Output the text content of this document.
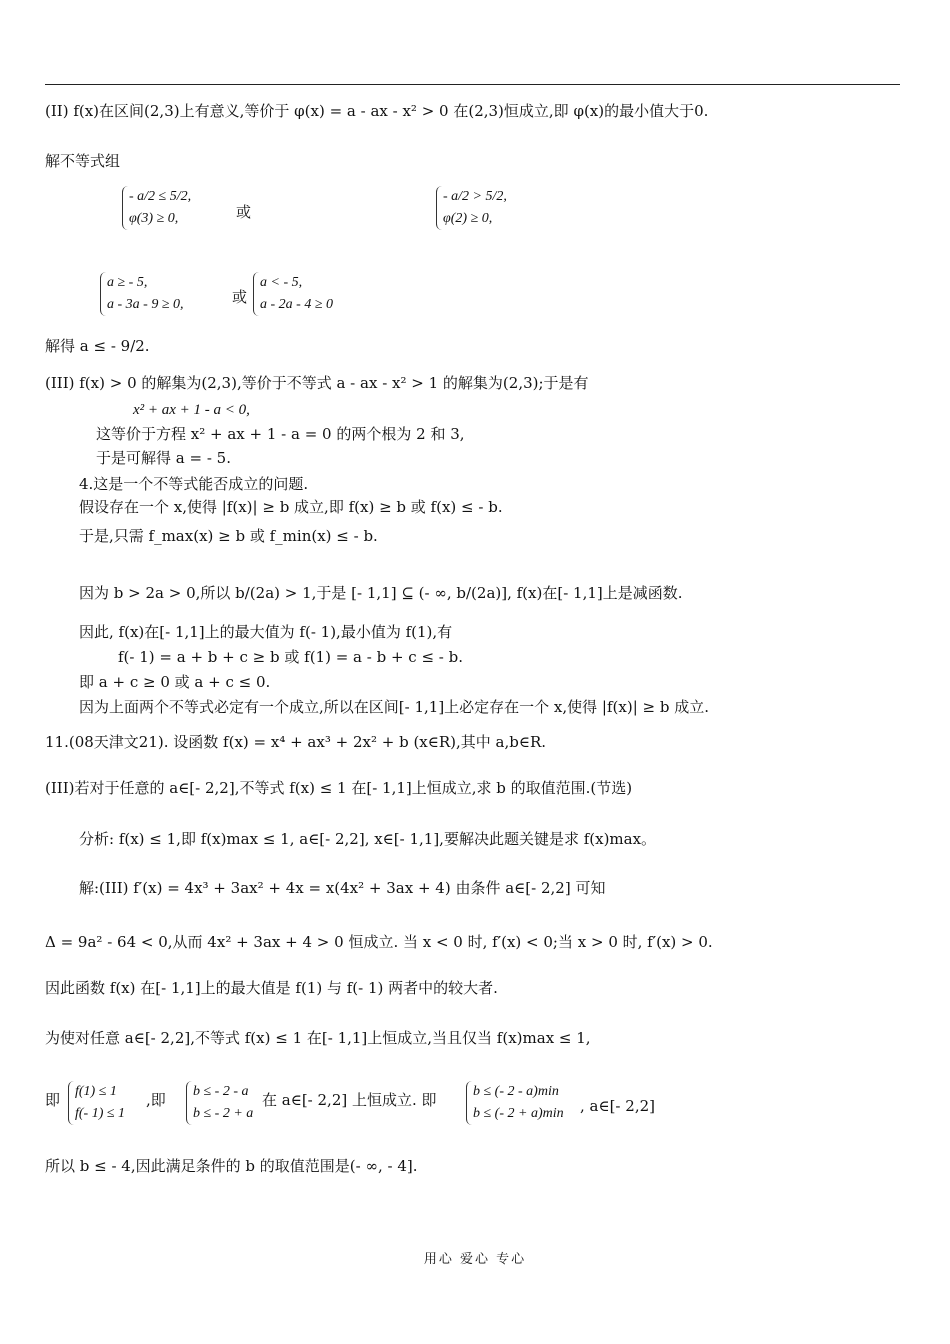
(II) f(x)在区间(2,3)上有意义,等价于 φ(x) = a - ax - x² > 0 在(2,3)恒成立,即 φ(x)的最小值大于0.
解不等式组
- a/2 ≤ 5/2,
φ(3) ≥ 0,	或
- a/2 > 5/2,
φ(2) ≥ 0,
a ≥ - 5,
a - 3a - 9 ≥ 0,	或
a < - 5,
a - 2a - 4 ≥ 0
解得 a ≤ - 9/2.
(III) f(x) > 0 的解集为(2,3),等价于不等式 a - ax - x² > 1 的解集为(2,3);于是有
x² + ax + 1 - a < 0,
这等价于方程 x² + ax + 1 - a = 0 的两个根为 2 和 3,
于是可解得 a = - 5.
4.这是一个不等式能否成立的问题.
假设存在一个 x,使得 |f(x)| ≥ b 成立,即 f(x) ≥ b 或 f(x) ≤ - b.
于是,只需 f_max(x) ≥ b 或 f_min(x) ≤ - b.
因为 b > 2a > 0,所以 b/(2a) > 1,于是 [- 1,1] ⊆ (- ∞, b/(2a)], f(x)在[- 1,1]上是减函数.
因此, f(x)在[- 1,1]上的最大值为 f(- 1),最小值为 f(1),有
f(- 1) = a + b + c ≥ b 或 f(1) = a - b + c ≤ - b.
即 a + c ≥ 0 或 a + c ≤ 0.
因为上面两个不等式必定有一个成立,所以在区间[- 1,1]上必定存在一个 x,使得 |f(x)| ≥ b 成立.
11.(08天津文21). 设函数 f(x) = x⁴ + ax³ + 2x² + b (x∈R),其中 a,b∈R.
(III)若对于任意的 a∈[- 2,2],不等式 f(x) ≤ 1 在[- 1,1]上恒成立,求 b 的取值范围.(节选)
分析: f(x) ≤ 1,即 f(x)max ≤ 1, a∈[- 2,2], x∈[- 1,1],要解决此题关键是求 f(x)max。
解:(III) f′(x) = 4x³ + 3ax² + 4x = x(4x² + 3ax + 4) 由条件 a∈[- 2,2] 可知
Δ = 9a² - 64 < 0,从而 4x² + 3ax + 4 > 0 恒成立. 当 x < 0 时, f′(x) < 0;当 x > 0 时, f′(x) > 0.
因此函数 f(x) 在[- 1,1]上的最大值是 f(1) 与 f(- 1) 两者中的较大者.
为使对任意 a∈[- 2,2],不等式 f(x) ≤ 1 在[- 1,1]上恒成立,当且仅当 f(x)max ≤ 1,
即 f(1) ≤ 1
f(- 1) ≤ 1
,即 b ≤ - 2 - a
b ≤ - 2 + a
在 a∈[- 2,2] 上恒成立. 即	b ≤ (- 2 - a)min
b ≤ (- 2 + a)min , a∈[- 2,2]
所以 b ≤ - 4,因此满足条件的 b 的取值范围是(- ∞, - 4].
用心 爱心 专心
